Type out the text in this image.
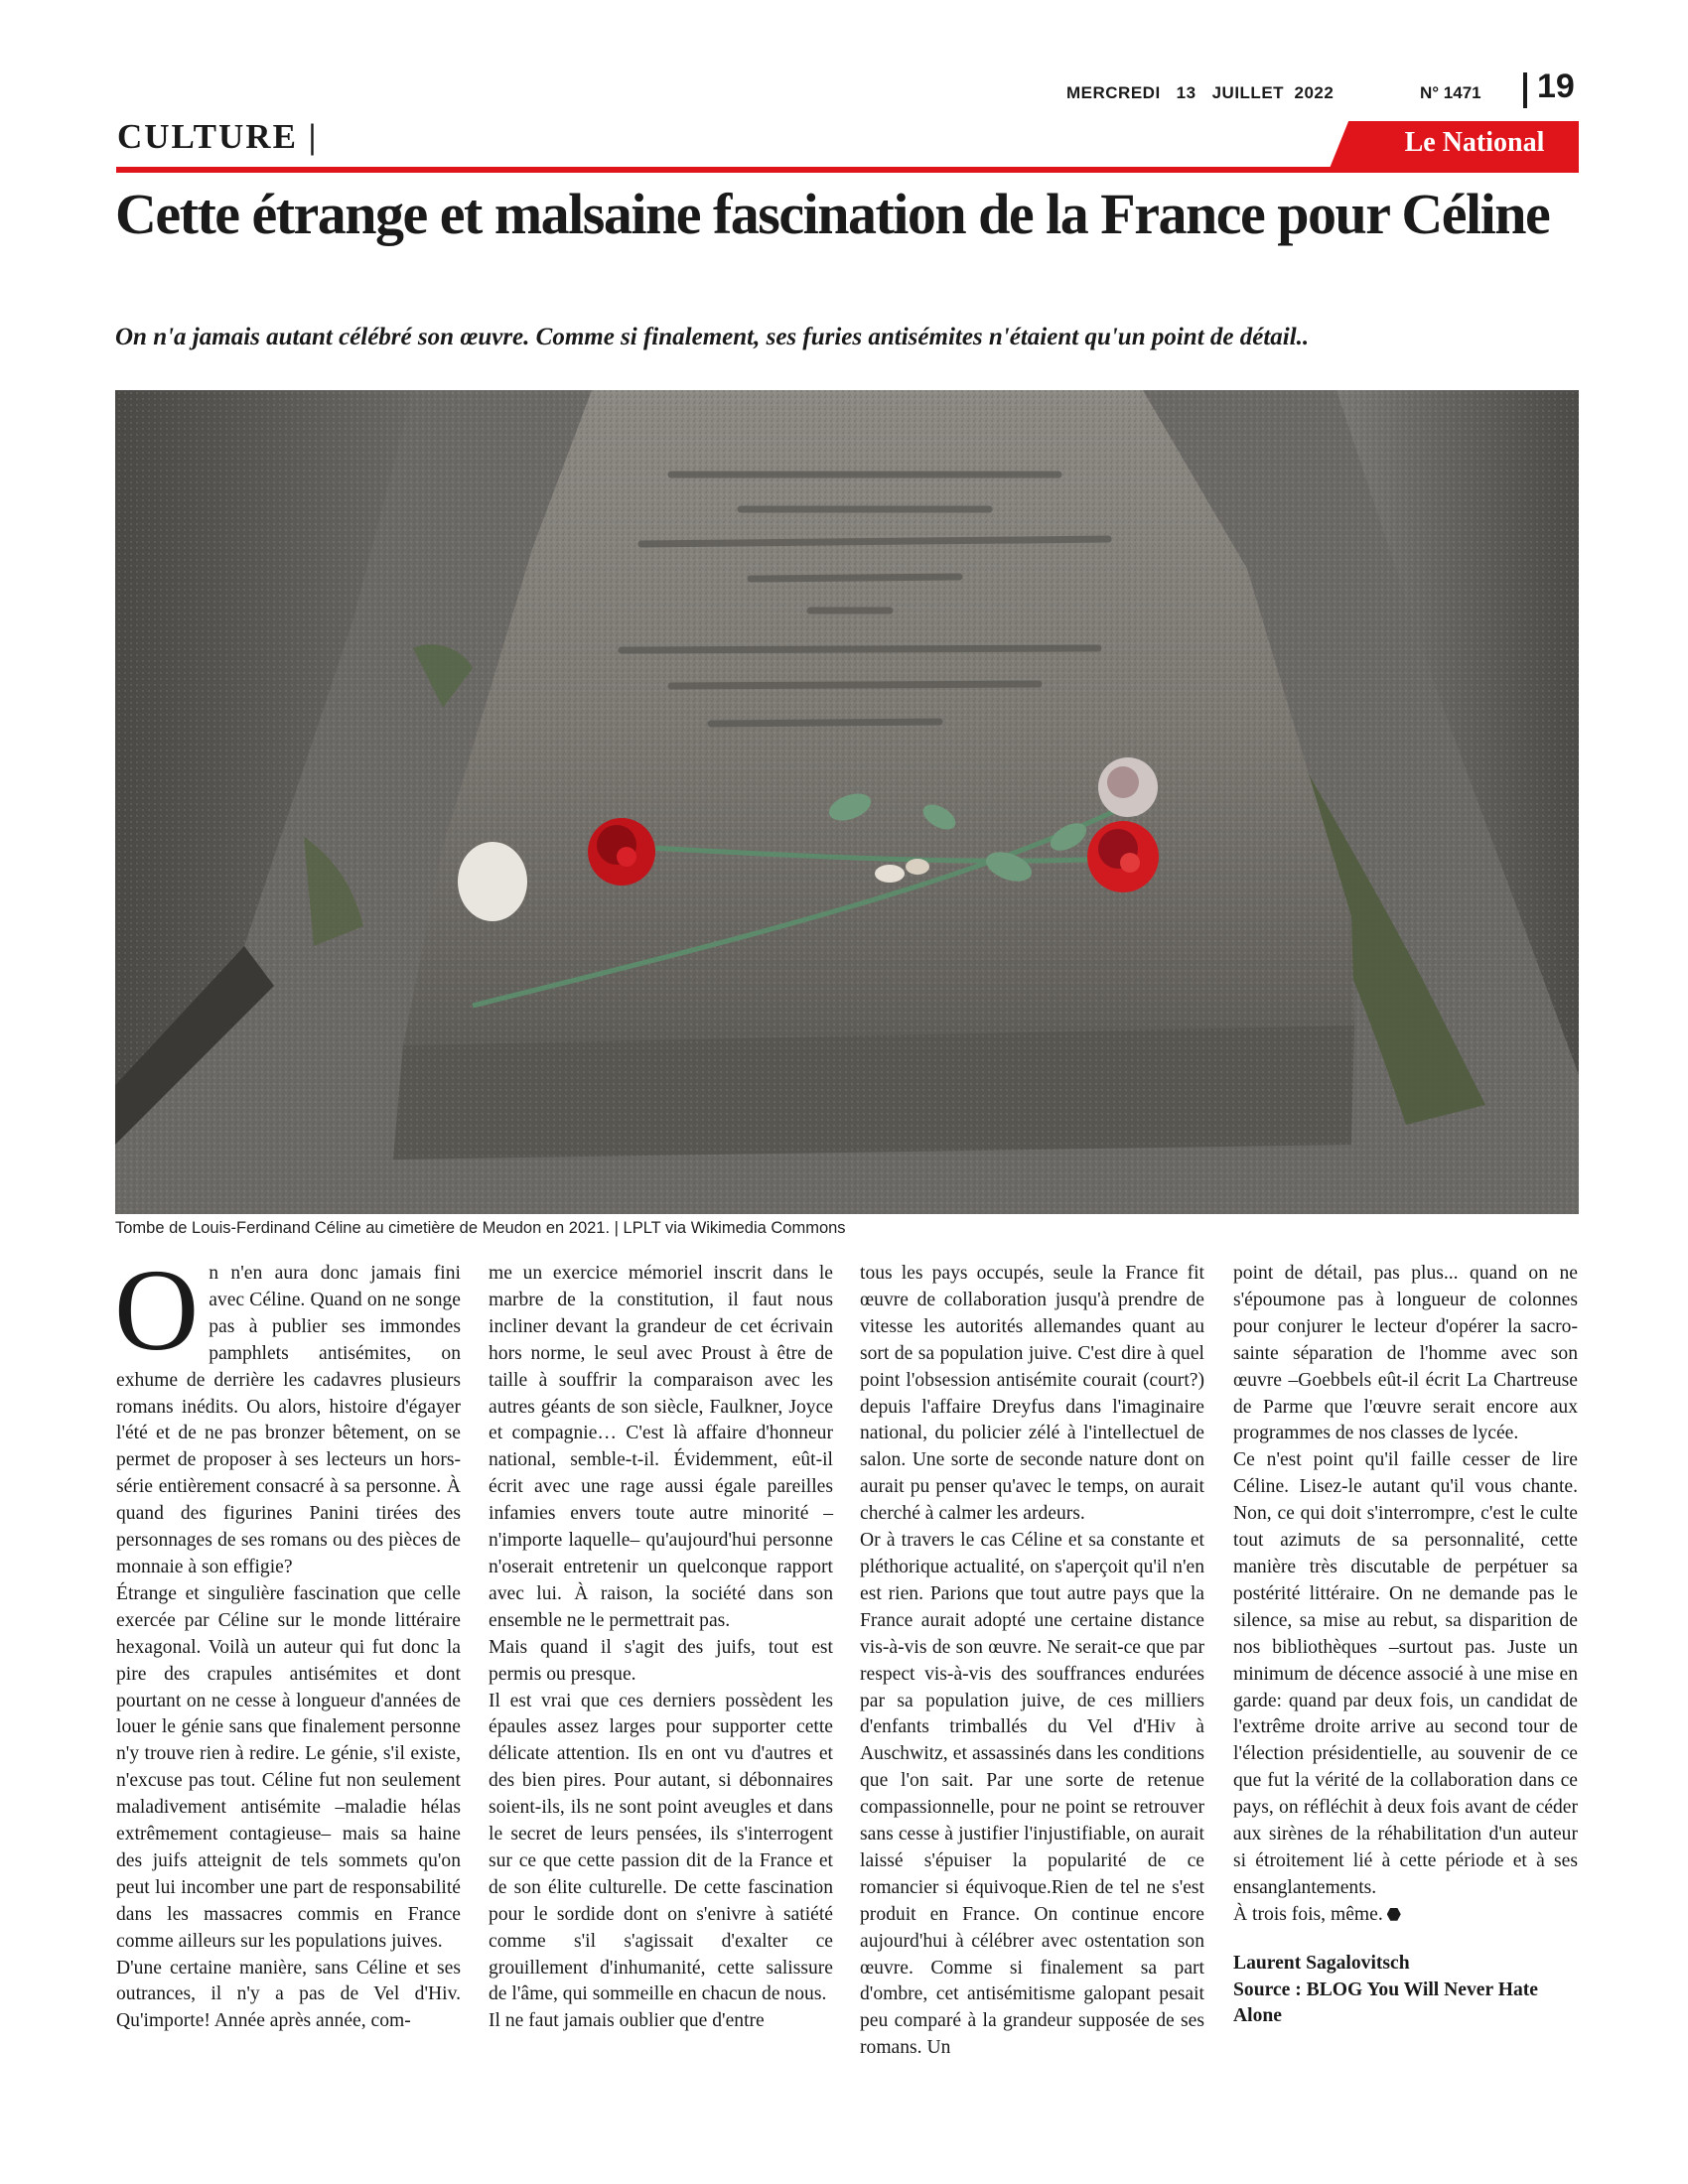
MERCREDI 13 JUILLET  2022	N° 1471 19
CULTURE |	Le National
Cette étrange et malsaine fascination de la France pour Céline
On n'a jamais autant célébré son œuvre. Comme si finalement, ses furies antisémites n'étaient qu'un point de détail..
Tombe de Louis-Ferdinand Céline au cimetière de Meudon en 2021. | LPLT via Wikimedia Commons

On n'en aura donc jamais fini avec Céline. Quand on ne songe pas à publier ses immondes pamphlets antisémites, on exhume de derrière les cadavres plusieurs romans inédits. Ou alors, histoire d'égayer l'été et de ne pas bronzer bêtement, on se permet de proposer à ses lecteurs un hors-série entièrement consacré à sa personne. À quand des figurines Panini tirées des personnages de ses romans ou des pièces de monnaie à son effigie?

Étrange et singulière fascination que celle exercée par Céline sur le monde littéraire hexagonal. Voilà un auteur qui fut donc la pire des crapules antisémites et dont pourtant on ne cesse à longueur d'années de louer le génie sans que finalement personne n'y trouve rien à redire. Le génie, s'il existe, n'excuse pas tout. Céline fut non seulement maladivement antisémite –maladie hélas extrêmement contagieuse– mais sa haine des juifs atteignit de tels sommets qu'on peut lui incomber une part de responsabilité dans les massacres commis en France comme ailleurs sur les populations juives.

D'une certaine manière, sans Céline et ses outrances, il n'y a pas de Vel d'Hiv. Qu'importe! Année après année, com-

me un exercice mémoriel inscrit dans le marbre de la constitution, il faut nous incliner devant la grandeur de cet écrivain hors norme, le seul avec Proust à être de taille à souffrir la comparaison avec les autres géants de son siècle, Faulkner, Joyce et compagnie… C'est là affaire d'honneur national, semble-t-il. Évidemment, eût-il écrit avec une rage aussi égale pareilles infamies envers toute autre minorité –n'importe laquelle– qu'aujourd'hui personne n'oserait entretenir un quelconque rapport avec lui. À raison, la société dans son ensemble ne le permettrait pas.

Mais quand il s'agit des juifs, tout est permis ou presque.

Il est vrai que ces derniers possèdent les épaules assez larges pour supporter cette délicate attention. Ils en ont vu d'autres et des bien pires. Pour autant, si débonnaires soient-ils, ils ne sont point aveugles et dans le secret de leurs pensées, ils s'interrogent sur ce que cette passion dit de la France et de son élite culturelle. De cette fascination pour le sordide dont on s'enivre à satiété comme s'il s'agissait d'exalter ce grouillement d'inhumanité, cette salissure de l'âme, qui sommeille en chacun de nous.

Il ne faut jamais oublier que d'entre

tous les pays occupés, seule la France fit œuvre de collaboration jusqu'à prendre de vitesse les autorités allemandes quant au sort de sa population juive. C'est dire à quel point l'obsession antisémite courait (court?) depuis l'affaire Dreyfus dans l'imaginaire national, du policier zélé à l'intellectuel de salon. Une sorte de seconde nature dont on aurait pu penser qu'avec le temps, on aurait cherché à calmer les ardeurs.

Or à travers le cas Céline et sa constante et pléthorique actualité, on s'aperçoit qu'il n'en est rien. Parions que tout autre pays que la France aurait adopté une certaine distance vis-à-vis de son œuvre. Ne serait-ce que par respect vis-à-vis des souffrances endurées par sa population juive, de ces milliers d'enfants trimballés du Vel d'Hiv à Auschwitz, et assassinés dans les conditions que l'on sait. Par une sorte de retenue compassionnelle, pour ne point se retrouver sans cesse à justifier l'injustifiable, on aurait laissé s'épuiser la popularité de ce romancier si équivoque.Rien de tel ne s'est produit en France. On continue encore aujourd'hui à célébrer avec ostentation son œuvre. Comme si finalement sa part d'ombre, cet antisémitisme galopant pesait peu comparé à la grandeur supposée de ses romans. Un

point de détail, pas plus... quand on ne s'époumone pas à longueur de colonnes pour conjurer le lecteur d'opérer la sacro-sainte séparation de l'homme avec son œuvre –Goebbels eût-il écrit La Chartreuse de Parme que l'œuvre serait encore aux programmes de nos classes de lycée.

Ce n'est point qu'il faille cesser de lire Céline. Lisez-le autant qu'il vous chante. Non, ce qui doit s'interrompre, c'est le culte tout azimuts de sa personnalité, cette manière très discutable de perpétuer sa postérité littéraire. On ne demande pas le silence, sa mise au rebut, sa disparition de nos bibliothèques –surtout pas. Juste un minimum de décence associé à une mise en garde: quand par deux fois, un candidat de l'extrême droite arrive au second tour de l'élection présidentielle, au souvenir de ce que fut la vérité de la collaboration dans ce pays, on réfléchit à deux fois avant de céder aux sirènes de la réhabilitation d'un auteur si étroitement lié à cette période et à ses ensanglantements.

À trois fois, même.

Laurent Sagalovitsch
Source : BLOG You Will Never Hate Alone
